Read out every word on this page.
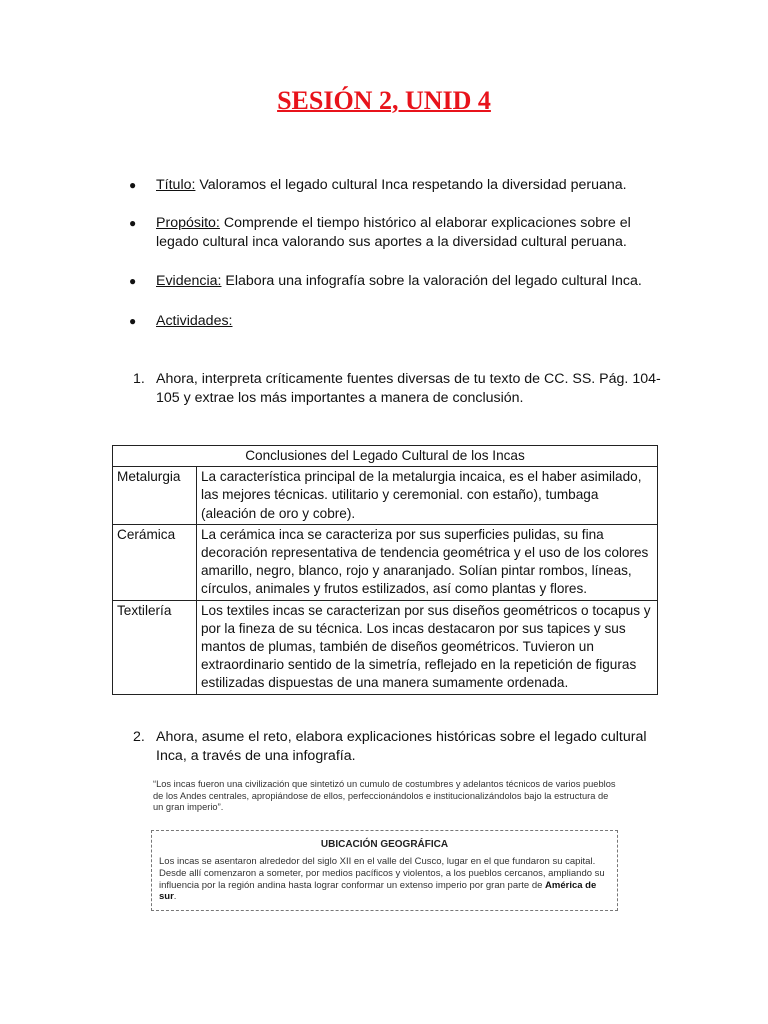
SESIÓN 2, UNID 4
● Título: Valoramos el legado cultural Inca respetando la diversidad peruana.
● Propósito: Comprende el tiempo histórico al elaborar explicaciones sobre el legado cultural inca valorando sus aportes a la diversidad cultural peruana.
● Evidencia: Elabora una infografía sobre la valoración del legado cultural Inca.
● Actividades:
1. Ahora, interpreta críticamente fuentes diversas de tu texto de CC. SS. Pág. 104-105 y extrae los más importantes a manera de conclusión.
Conclusiones del Legado Cultural de los Incas	
Metalurgia	La característica principal de la metalurgia incaica, es el haber asimilado, las mejores técnicas. utilitario y ceremonial. con estaño), tumbaga (aleación de oro y cobre).
Cerámica	La cerámica inca se caracteriza por sus superficies pulidas, su fina decoración representativa de tendencia geométrica y el uso de los colores amarillo, negro, blanco, rojo y anaranjado. Solían pintar rombos, líneas, círculos, animales y frutos estilizados, así como plantas y flores.
Textilería	Los textiles incas se caracterizan por sus diseños geométricos o tocapus y por la fineza de su técnica. Los incas destacaron por sus tapices y sus mantos de plumas, también de diseños geométricos. Tuvieron un extraordinario sentido de la simetría, reflejado en la repetición de figuras estilizadas dispuestas de una manera sumamente ordenada.
2. Ahora, asume el reto, elabora explicaciones históricas sobre el legado cultural Inca, a través de una infografía.

“Los incas fueron una civilización que sintetizó un cumulo de costumbres y adelantos técnicos de varios pueblos de los Andes centrales, apropiándose de ellos, perfeccionándolos e institucionalizándolos bajo la estructura de un gran imperio”.

UBICACIÓN GEOGRÁFICA
Los incas se asentaron alrededor del siglo XII en el valle del Cusco, lugar en el que fundaron su capital. Desde allí comenzaron a someter, por medios pacíficos y violentos, a los pueblos cercanos, ampliando su influencia por la región andina hasta lograr conformar un extenso imperio por gran parte de América de sur.
